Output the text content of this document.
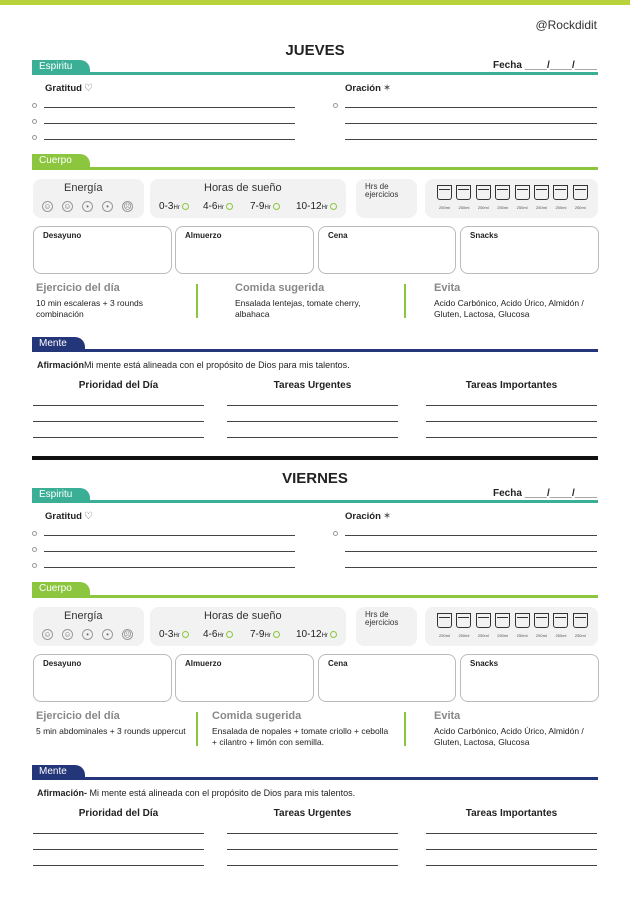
@Rockdidit
JUEVES
Espiritu	Fecha ____/____/____
Gratitud ♡	Oración ✶
Cuerpo
Energía
☺ ☺	•	•	☹
Horas de sueño
0-3Hr	4-6Hr	7-9Hr	10-12Hr
Hrs de ejercicios
250ml	250ml	250ml	250ml	250ml	250ml	250ml	250ml
Desayuno	Almuerzo	Cena	Snacks
Ejercicio del día
10 min escaleras + 3 rounds combinación
Comida sugerida
Ensalada lentejas, tomate cherry, albahaca
Evita
Acido Carbónico, Acido Úrico, Almidón / Gluten, Lactosa, Glucosa
Mente
AfirmaciónMi mente está alineada con el propósito de Dios para mis talentos.
Prioridad del Día	Tareas Urgentes	Tareas Importantes
VIERNES
Espiritu	Fecha ____/____/____
Gratitud ♡	Oración ✶
Cuerpo
Energía
☺ ☺	•	•	☹
Horas de sueño
0-3Hr	4-6Hr	7-9Hr	10-12Hr
Hrs de ejercicios
250ml	250ml	250ml	250ml	250ml	250ml	250ml	250ml
Desayuno	Almuerzo	Cena	Snacks
Ejercicio del día
5 min abdominales + 3 rounds uppercut
Comida sugerida
Ensalada de nopales + tomate criollo + cebolla + cilantro + limón con semilla.
Evita
Acido Carbónico, Acido Úrico, Almidón / Gluten, Lactosa, Glucosa
Mente
Afirmación- Mi mente está alineada con el propósito de Dios para mis talentos.
Prioridad del Día	Tareas Urgentes	Tareas Importantes
